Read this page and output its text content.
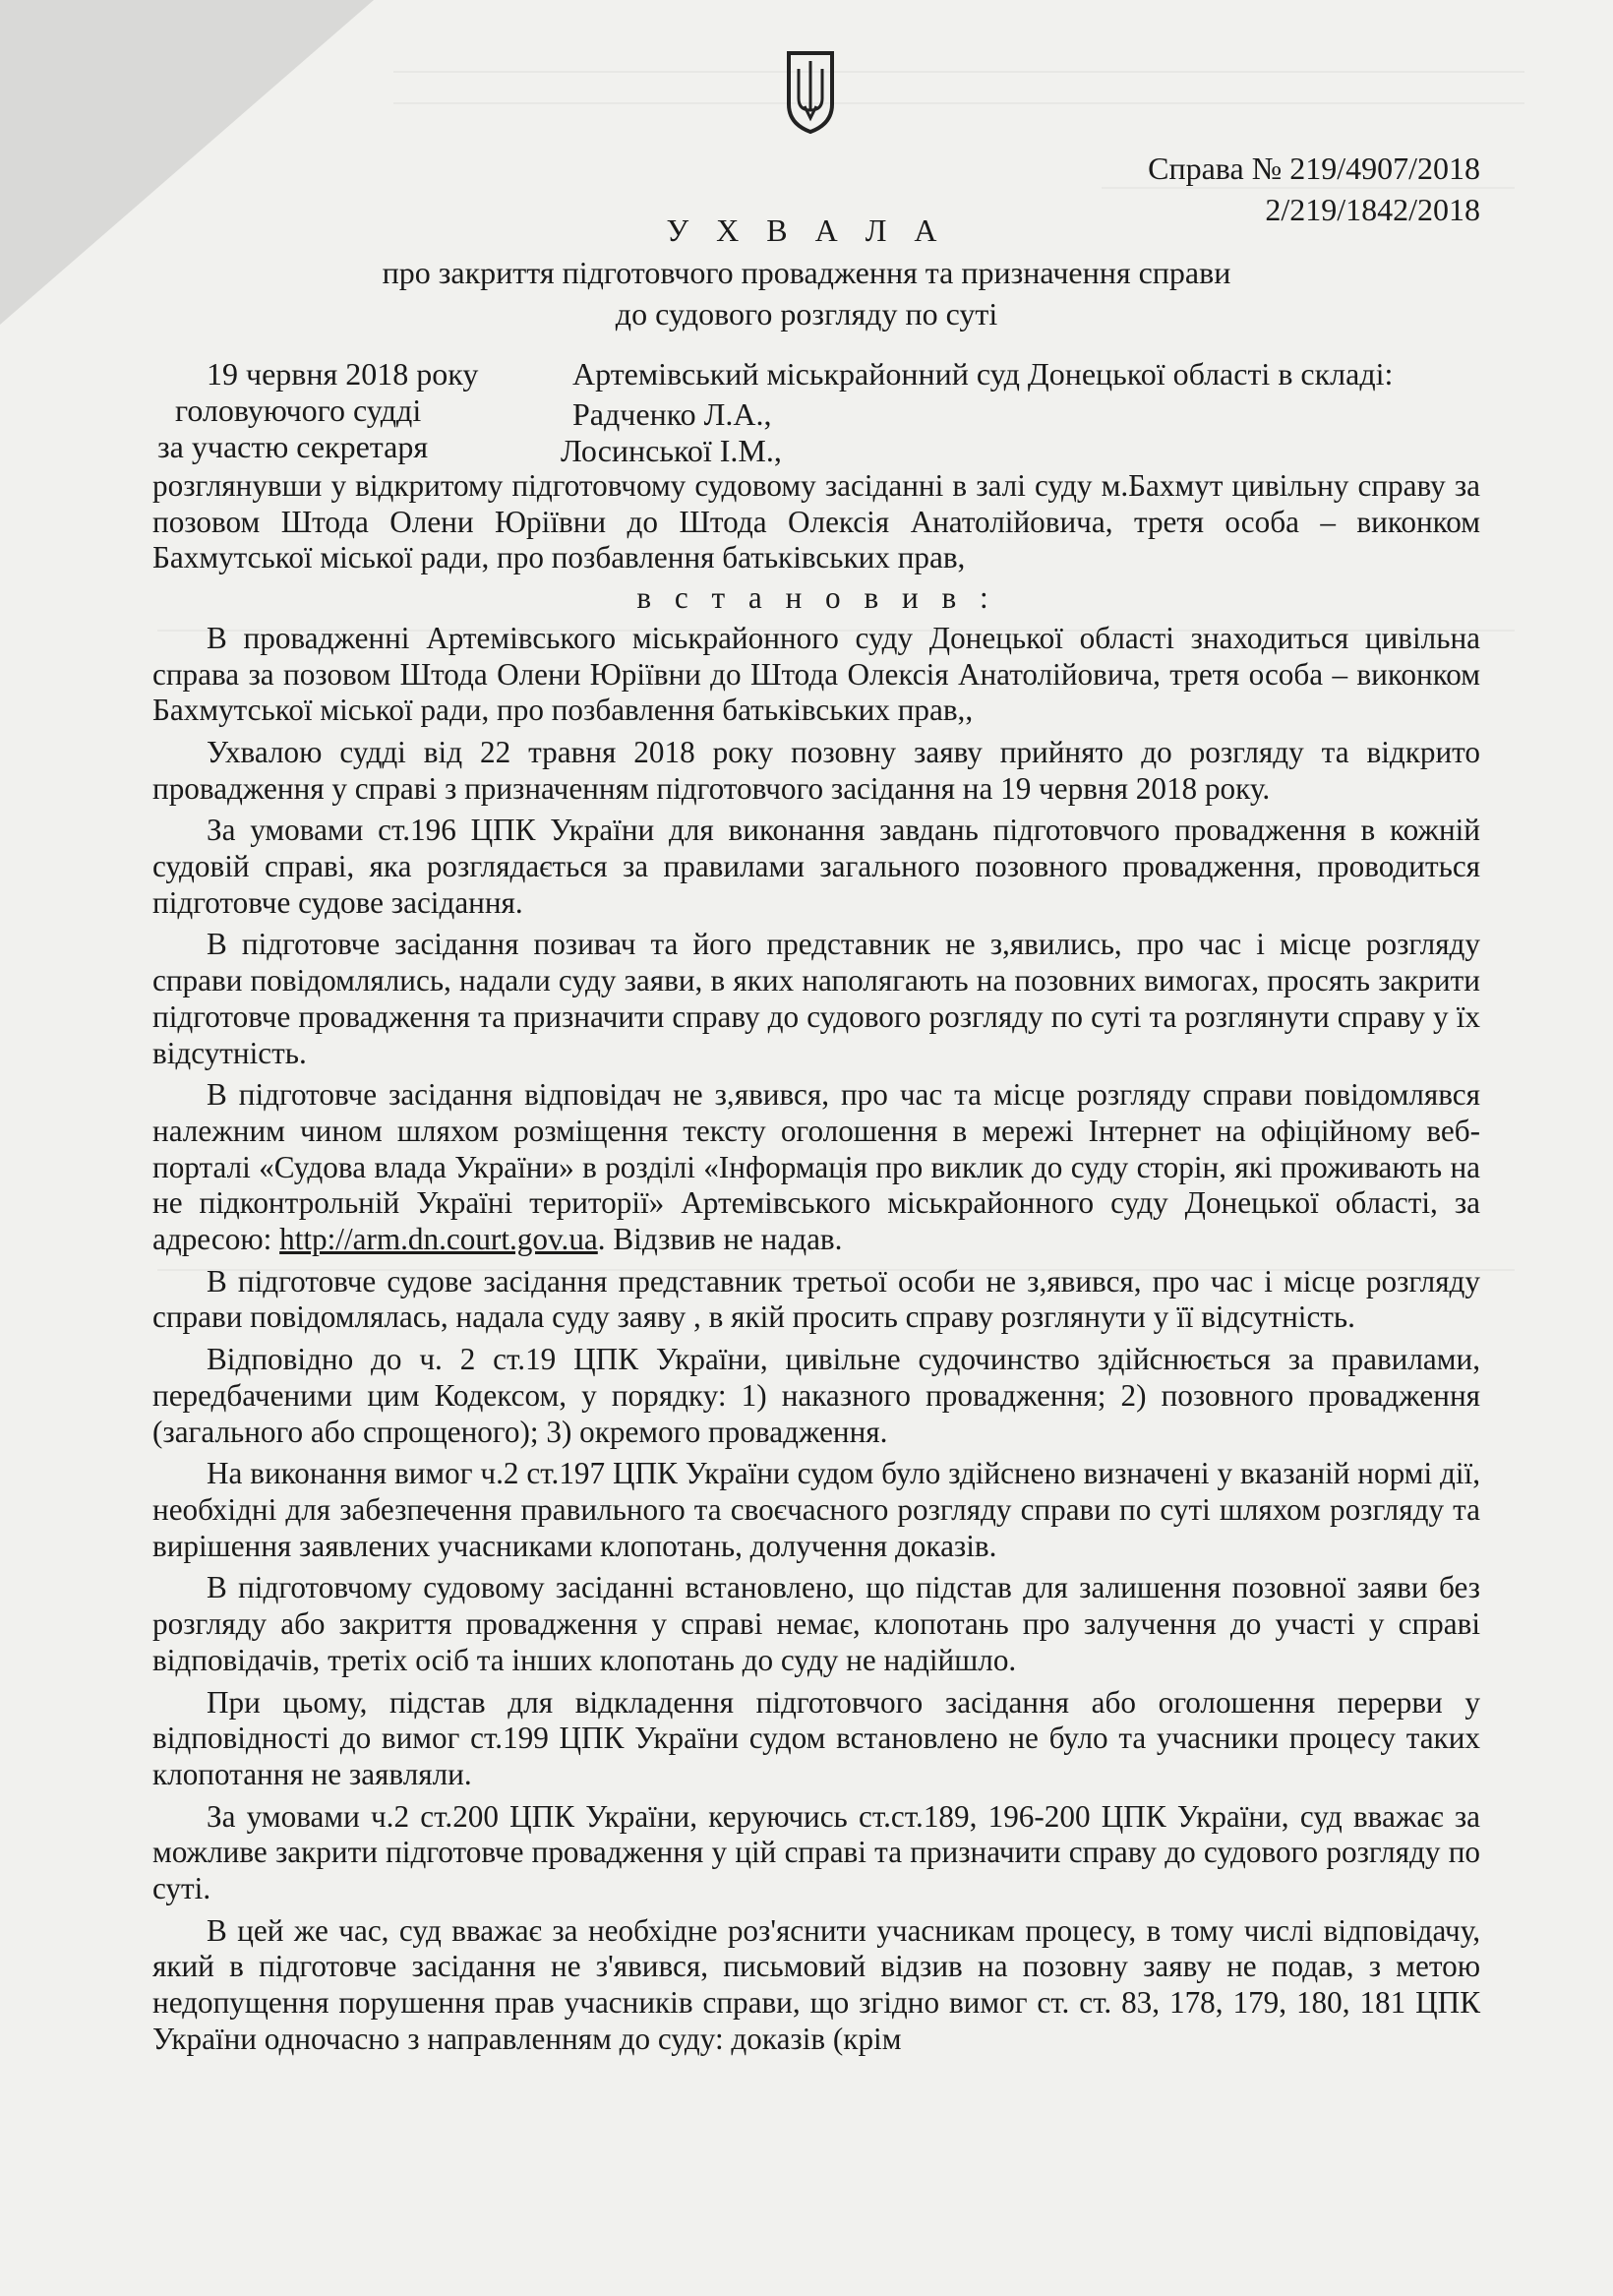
Справа № 219/4907/2018
2/219/1842/2018
У Х В А Л А
про закриття підготовчого провадження та призначення справи
до судового розгляду по суті
19 червня 2018 року	Артемівський міськрайонний суд Донецької області в складі:
головуючого судді	Радченко Л.А.,
за участю секретаря	Лосинської І.М.,

розглянувши у відкритому підготовчому судовому засіданні в залі суду м.Бахмут цивільну справу за позовом Штода Олени Юріївни до Штода Олексія Анатолійовича, третя особа – виконком Бахмутської міської ради, про позбавлення батьківських прав,

в с т а н о в и в :

В провадженні Артемівського міськрайонного суду Донецької області знаходиться цивільна справа за позовом Штода Олени Юріївни до Штода Олексія Анатолійовича, третя особа – виконком Бахмутської міської ради, про позбавлення батьківських прав,,

Ухвалою судді від 22 травня 2018 року позовну заяву прийнято до розгляду та відкрито провадження у справі з призначенням підготовчого засідання на 19 червня 2018 року.

За умовами ст.196 ЦПК України для виконання завдань підготовчого провадження в кожній судовій справі, яка розглядається за правилами загального позовного провадження, проводиться підготовче судове засідання.

В підготовче засідання позивач та його представник не з,явились, про час і місце розгляду справи повідомлялись, надали суду заяви, в яких наполягають на позовних вимогах, просять закрити підготовче провадження та призначити справу до судового розгляду по суті та розглянути справу у їх відсутність.

В підготовче засідання відповідач не з,явився, про час та місце розгляду справи повідомлявся належним чином шляхом розміщення тексту оголошення в мережі Інтернет на офіційному веб-порталі «Судова влада України» в розділі «Інформація про виклик до суду сторін, які проживають на не підконтрольній Україні території» Артемівського міськрайонного суду Донецької області, за адресою: http://arm.dn.court.gov.ua. Відзвив не надав.

В підготовче судове засідання представник третьої особи не з,явився, про час і місце розгляду справи повідомлялась, надала суду заяву , в якій просить справу розглянути у її відсутність.

Відповідно до ч. 2 ст.19 ЦПК України, цивільне судочинство здійснюється за правилами, передбаченими цим Кодексом, у порядку: 1) наказного провадження; 2) позовного провадження (загального або спрощеного); 3) окремого провадження.

На виконання вимог ч.2 ст.197 ЦПК України судом було здійснено визначені у вказаній нормі дії, необхідні для забезпечення правильного та своєчасного розгляду справи по суті шляхом розгляду та вирішення заявлених учасниками клопотань, долучення доказів.

В підготовчому судовому засіданні встановлено, що підстав для залишення позовної заяви без розгляду або закриття провадження у справі немає, клопотань про залучення до участі у справі відповідачів, третіх осіб та інших клопотань до суду не надійшло.

При цьому, підстав для відкладення підготовчого засідання або оголошення перерви у відповідності до вимог ст.199 ЦПК України судом встановлено не було та учасники процесу таких клопотання не заявляли.

За умовами ч.2 ст.200 ЦПК України, керуючись ст.ст.189, 196-200 ЦПК України, суд вважає за можливе закрити підготовче провадження у цій справі та призначити справу до судового розгляду по суті.

В цей же час, суд вважає за необхідне роз'яснити учасникам процесу, в тому числі відповідачу, який в підготовче засідання не з'явився, письмовий відзив на позовну заяву не подав, з метою недопущення порушення прав учасників справи, що згідно вимог ст. ст. 83, 178, 179, 180, 181 ЦПК України одночасно з направленням до суду: доказів (крім
